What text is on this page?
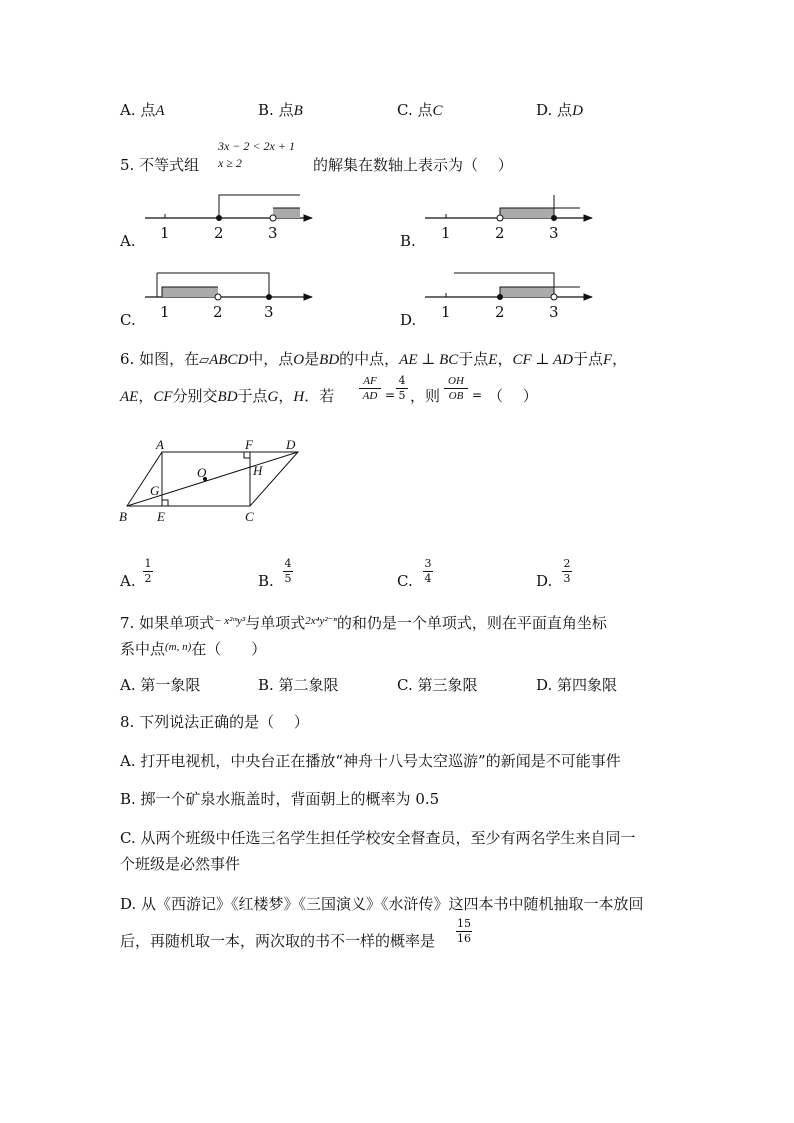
A. 点A	B. 点B	C. 点C	D. 点D
5. 不等式组
3x − 2 < 2x + 1
x ≥ 2	的解集在数轴上表示为（　 ）
A.	B.
C.	D.
1	2	3	1	2	3
1	2	3	1	2	3
6. 如图，在▱ABCD中，点O是BD的中点，AE ⊥ BC于点E，CF ⊥ AD于点F，
AE，CF分别交BD于点G，H．若
AF
AD =
4
5 ，则
OH
OB = （　 ）
A	F	D
O	H
G
B E	C
A.
1
2	B.
4
5	C.
3
4	D.
2
3
7. 如果单项式$^{- x^2ᵐy^3}$与单项式$^{2x^4y^{2-n}}$的和仍是一个单项式，则在平面直角坐标
系中点$^{(m, n)}$在（　　）
A. 第一象限	B. 第二象限	C. 第三象限	D. 第四象限
8. 下列说法正确的是（　 ）
A. 打开电视机，中央台正在播放“神舟十八号太空巡游”的新闻是不可能事件
B. 掷一个矿泉水瓶盖时，背面朝上的概率为 0.5
C. 从两个班级中任选三名学生担任学校安全督查员，至少有两名学生来自同一
个班级是必然事件
D. 从《西游记》《红楼梦》《三国演义》《水浒传》这四本书中随机抽取一本放回
后，再随机取一本，两次取的书不一样的概率是
15
16
